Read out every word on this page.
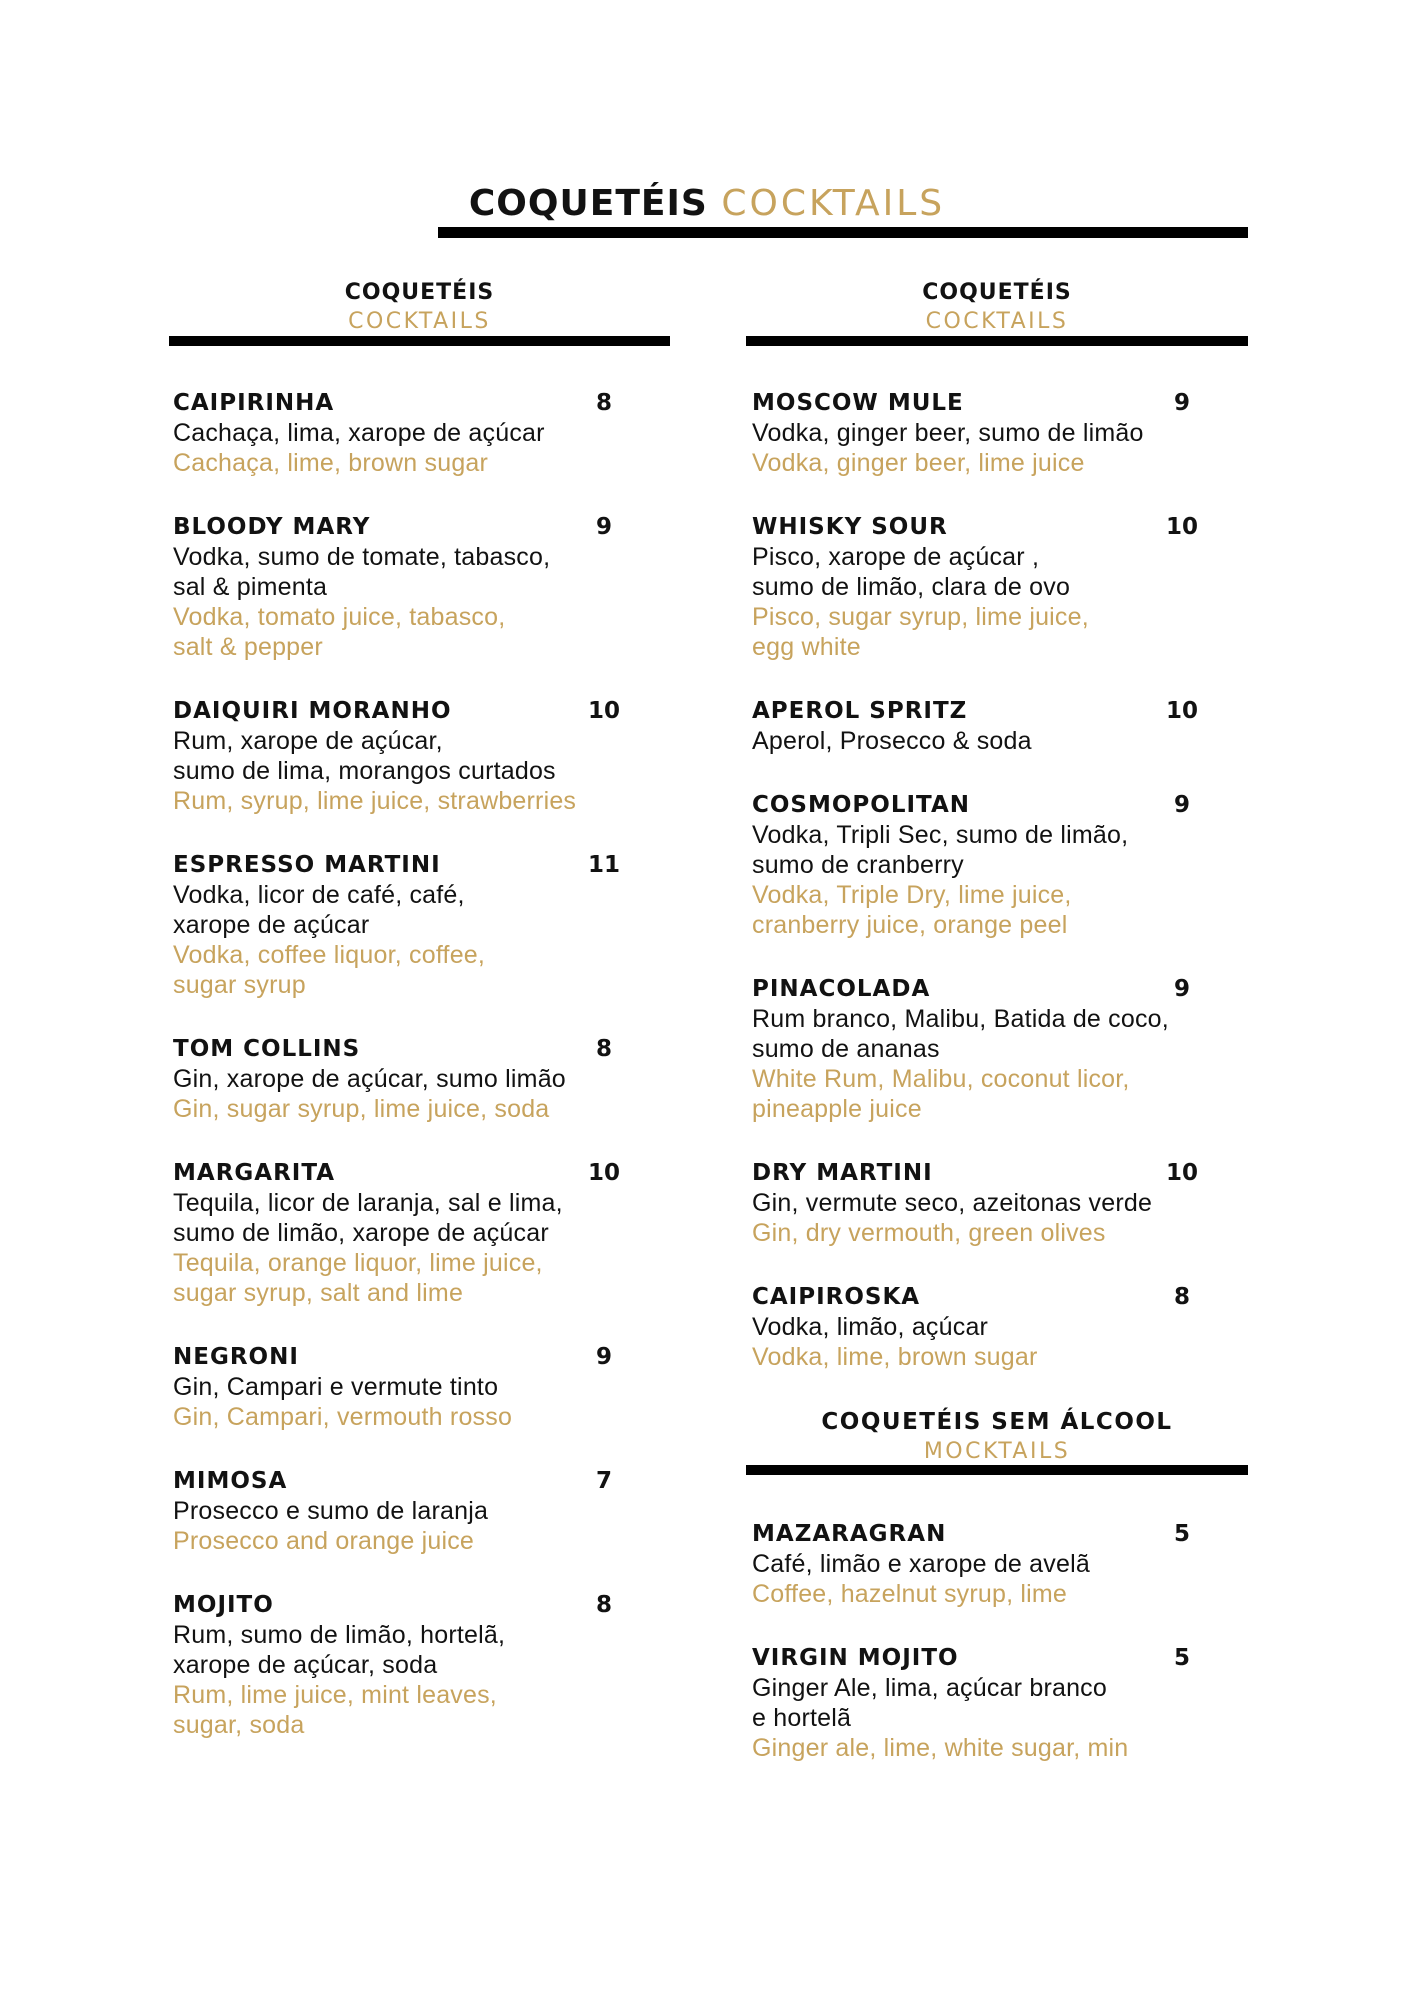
COQUETÉIS COCKTAILS
COQUETÉIS
COCKTAILS
CAIPIRINHA	8
Cachaça, lima, xarope de açúcar
Cachaça, lime, brown sugar
BLOODY MARY	9
Vodka, sumo de tomate, tabasco,
sal & pimenta
Vodka, tomato juice, tabasco,
salt & pepper
DAIQUIRI MORANHO	10
Rum, xarope de açúcar,
sumo de lima, morangos curtados
Rum, syrup, lime juice, strawberries
ESPRESSO MARTINI	11
Vodka, licor de café, café,
xarope de açúcar
Vodka, coffee liquor, coffee,
sugar syrup
TOM COLLINS	8
Gin, xarope de açúcar, sumo limão
Gin, sugar syrup, lime juice, soda
MARGARITA	10
Tequila, licor de laranja, sal e lima,
sumo de limão, xarope de açúcar
Tequila, orange liquor, lime juice,
sugar syrup, salt and lime
NEGRONI	9
Gin, Campari e vermute tinto
Gin, Campari, vermouth rosso
MIMOSA	7
Prosecco e sumo de laranja
Prosecco and orange juice
MOJITO	8
Rum, sumo de limão, hortelã,
xarope de açúcar, soda
Rum, lime juice, mint leaves,
sugar, soda
COQUETÉIS
COCKTAILS
MOSCOW MULE	9
Vodka, ginger beer, sumo de limão
Vodka, ginger beer, lime juice
WHISKY SOUR	10
Pisco, xarope de açúcar ,
sumo de limão, clara de ovo
Pisco, sugar syrup, lime juice,
egg white
APEROL SPRITZ	10
Aperol, Prosecco & soda
COSMOPOLITAN	9
Vodka, Tripli Sec, sumo de limão,
sumo de cranberry
Vodka, Triple Dry, lime juice,
cranberry juice, orange peel
PINACOLADA	9
Rum branco, Malibu, Batida de coco,
sumo de ananas
White Rum, Malibu, coconut licor,
pineapple juice
DRY MARTINI	10
Gin, vermute seco, azeitonas verde
Gin, dry vermouth, green olives
CAIPIROSKA	8
Vodka, limão, açúcar
Vodka, lime, brown sugar
COQUETÉIS SEM ÁLCOOL
MOCKTAILS
MAZARAGRAN	5
Café, limão e xarope de avelã
Coffee, hazelnut syrup, lime
VIRGIN MOJITO	5
Ginger Ale, lima, açúcar branco
e hortelã
Ginger ale, lime, white sugar, min
